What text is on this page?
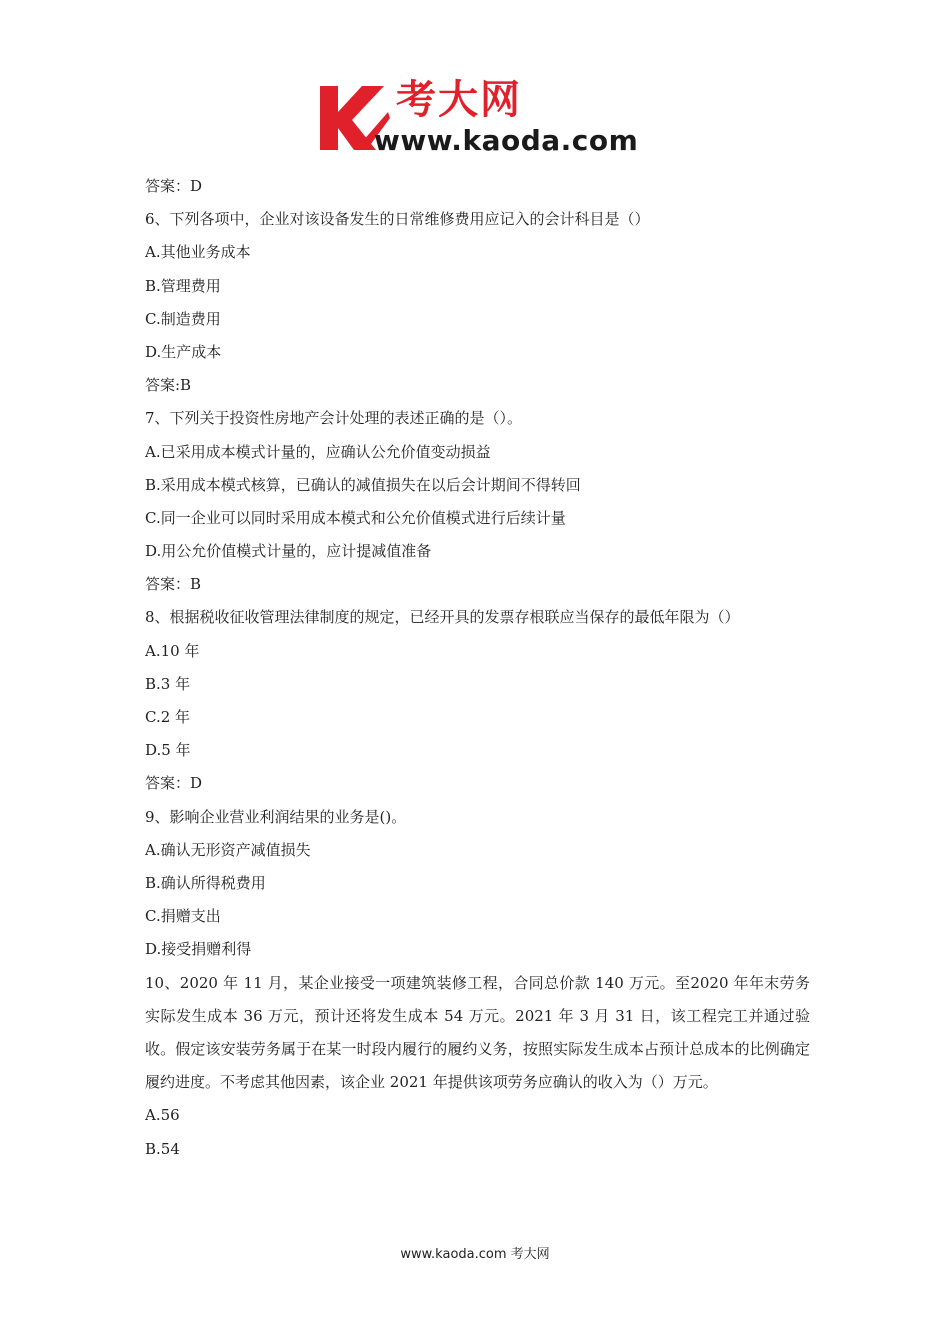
考大网
www.kaoda.com
答案：D
6、下列各项中，企业对该设备发生的日常维修费用应记入的会计科目是（）
A.其他业务成本
B.管理费用
C.制造费用
D.生产成本
答案:B
7、下列关于投资性房地产会计处理的表述正确的是（）。
A.已采用成本模式计量的，应确认公允价值变动损益
B.采用成本模式核算，已确认的减值损失在以后会计期间不得转回
C.同一企业可以同时采用成本模式和公允价值模式进行后续计量
D.用公允价值模式计量的，应计提减值准备
答案：B
8、根据税收征收管理法律制度的规定，已经开具的发票存根联应当保存的最低年限为（）
A.10 年
B.3 年
C.2 年
D.5 年
答案：D
9、影响企业营业利润结果的业务是()。
A.确认无形资产减值损失
B.确认所得税费用
C.捐赠支出
D.接受捐赠利得
10、2020 年 11 月，某企业接受一项建筑装修工程，合同总价款 140 万元。至2020 年年末劳务实际发生成本 36 万元，预计还将发生成本 54 万元。2021 年 3 月 31 日，该工程完工并通过验收。假定该安装劳务属于在某一时段内履行的履约义务，按照实际发生成本占预计总成本的比例确定履约进度。不考虑其他因素，该企业 2021 年提供该项劳务应确认的收入为（）万元。
A.56
B.54
www.kaoda.com 考大网
